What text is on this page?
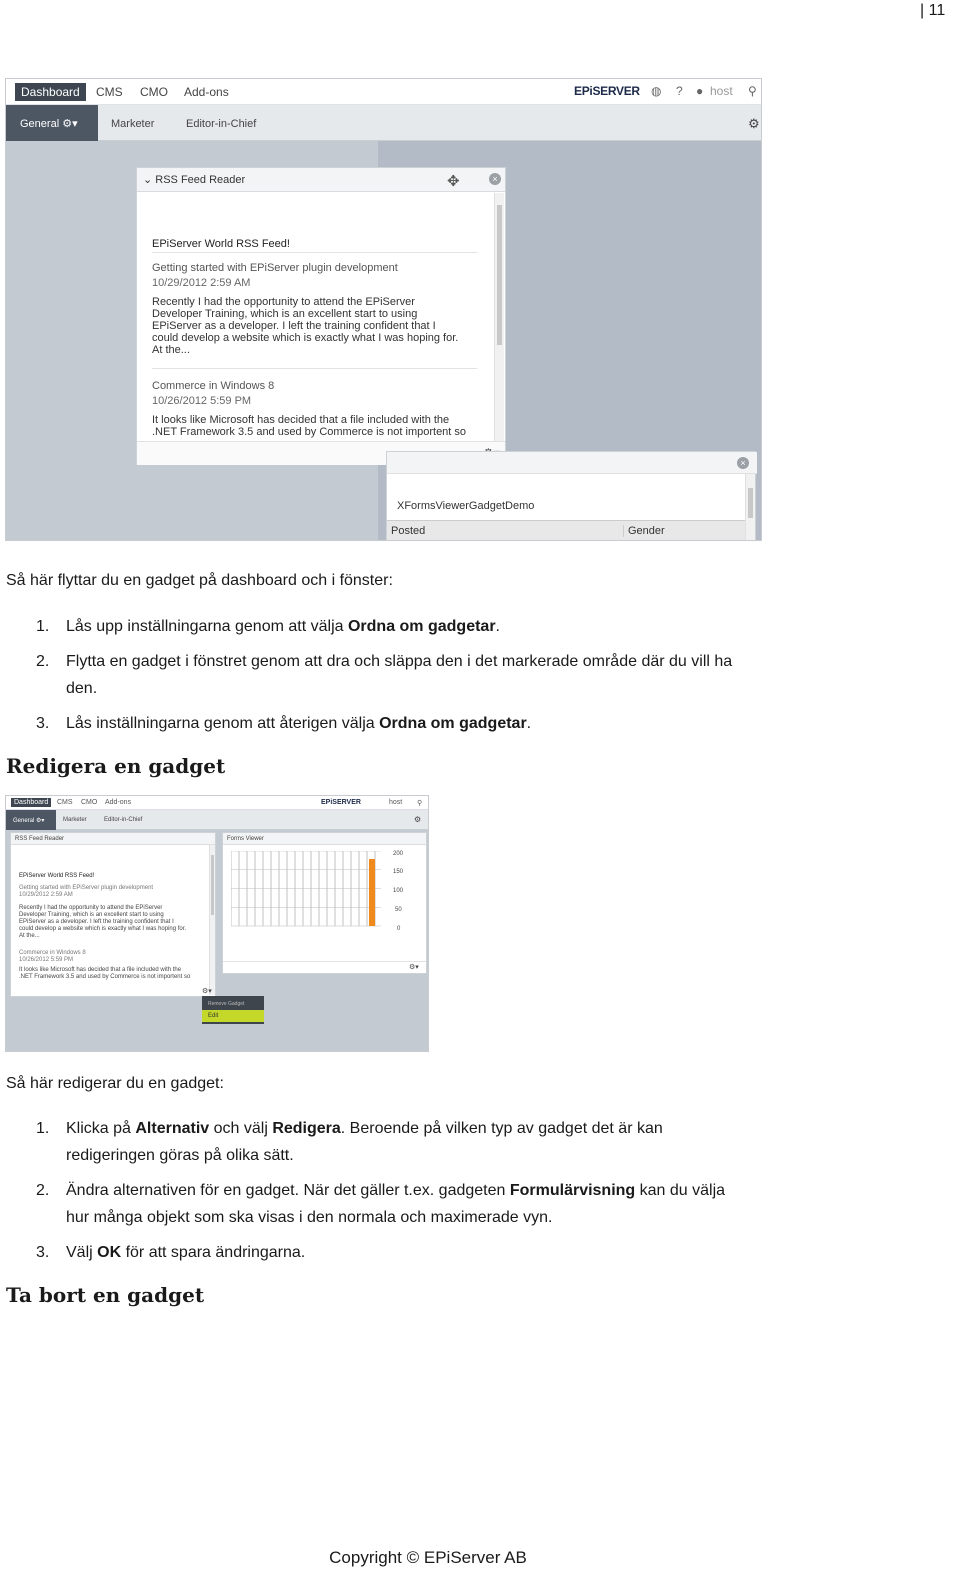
| 11
Dashboard	CMS	CMO	Add-ons	EPiSERVER ◍ ? ● host ⚲
General ⚙▾	Marketer	Editor-in-Chief	⚙
⌄ RSS Feed Reader	✥	×
EPiServer World RSS Feed!
Getting started with EPiServer plugin development
10/29/2012 2:59 AM
Recently I had the opportunity to attend the EPiServer
Developer Training, which is an excellent start to using
EPiServer as a developer. I left the training confident that I
could develop a website which is exactly what I was hoping for.
At the...
Commerce in Windows 8
10/26/2012 5:59 PM
It looks like Microsoft has decided that a file included with the
.NET Framework 3.5 and used by Commerce is not importent so
×
XFormsViewerGadgetDemo
Posted	Gender
Så här flyttar du en gadget på dashboard och i fönster:
1. Lås upp inställningarna genom att välja Ordna om gadgetar.
2. Flytta en gadget i fönstret genom att dra och släppa den i det markerade område där du vill ha
den.
3. Lås inställningarna genom att återigen välja Ordna om gadgetar.
Redigera en gadget
Dashboard	CMS	CMO	Add-ons	EPiSERVER	host	⚲
General ⚙▾	Marketer	Editor-in-Chief	⚙
RSS Feed Reader
EPiServer World RSS Feed!
Getting started with EPiServer plugin development
10/29/2012 2:59 AM
Recently I had the opportunity to attend the EPiServer
Developer Training, which is an excellent start to using
EPiServer as a developer. I left the training confident that I
could develop a website which is exactly what I was hoping for.
At the...
Commerce in Windows 8
10/26/2012 5:59 PM
It looks like Microsoft has decided that a file included with the
.NET Framework 3.5 and used by Commerce is not importent so
⚙▾
Remove Gadget
Edit
Forms Viewer
200
150
100
50
0
⚙▾
Så här redigerar du en gadget:
1. Klicka på Alternativ och välj Redigera. Beroende på vilken typ av gadget det är kan
redigeringen göras på olika sätt.
2. Ändra alternativen för en gadget. När det gäller t.ex. gadgeten Formulärvisning kan du välja
hur många objekt som ska visas i den normala och maximerade vyn.
3. Välj OK för att spara ändringarna.
Ta bort en gadget
Copyright © EPiServer AB
